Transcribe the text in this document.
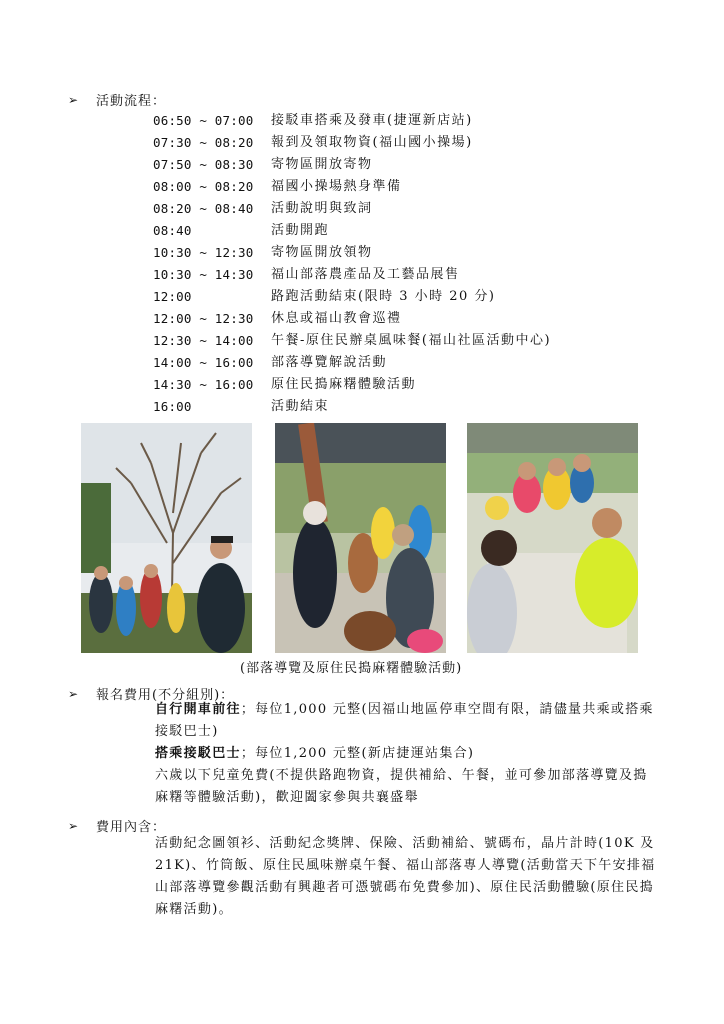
➢	活動流程：
06:50 ~ 07:00	接駁車搭乘及發車(捷運新店站)
07:30 ~ 08:20	報到及領取物資(福山國小操場)
07:50 ~ 08:30	寄物區開放寄物
08:00 ~ 08:20	福國小操場熱身準備
08:20 ~ 08:40	活動說明與致詞
08:40	活動開跑
10:30 ~ 12:30	寄物區開放領物
10:30 ~ 14:30	福山部落農產品及工藝品展售
12:00	路跑活動結束(限時 3 小時 20 分)
12:00 ~ 12:30	休息或福山教會巡禮
12:30 ~ 14:00	午餐-原住民辦桌風味餐(福山社區活動中心)
14:00 ~ 16:00	部落導覽解說活動
14:30 ~ 16:00	原住民搗麻糬體驗活動
16:00	活動結束
(部落導覽及原住民搗麻糬體驗活動)
➢	報名費用(不分組別)：
自行開車前往；每位1,000 元整(因福山地區停車空間有限，請儘量共乘或搭乘接駁巴士)
搭乘接駁巴士；每位1,200 元整(新店捷運站集合)
六歲以下兒童免費(不提供路跑物資，提供補給、午餐，並可參加部落導覽及搗麻糬等體驗活動)，歡迎闔家參與共襄盛舉
➢	費用內含：
活動紀念圖領衫、活動紀念獎牌、保險、活動補給、號碼布，晶片計時(10K 及21K)、竹筒飯、原住民風味辦桌午餐、福山部落專人導覽(活動當天下午安排福山部落導覽參觀活動有興趣者可憑號碼布免費參加)、原住民活動體驗(原住民搗麻糬活動)。
